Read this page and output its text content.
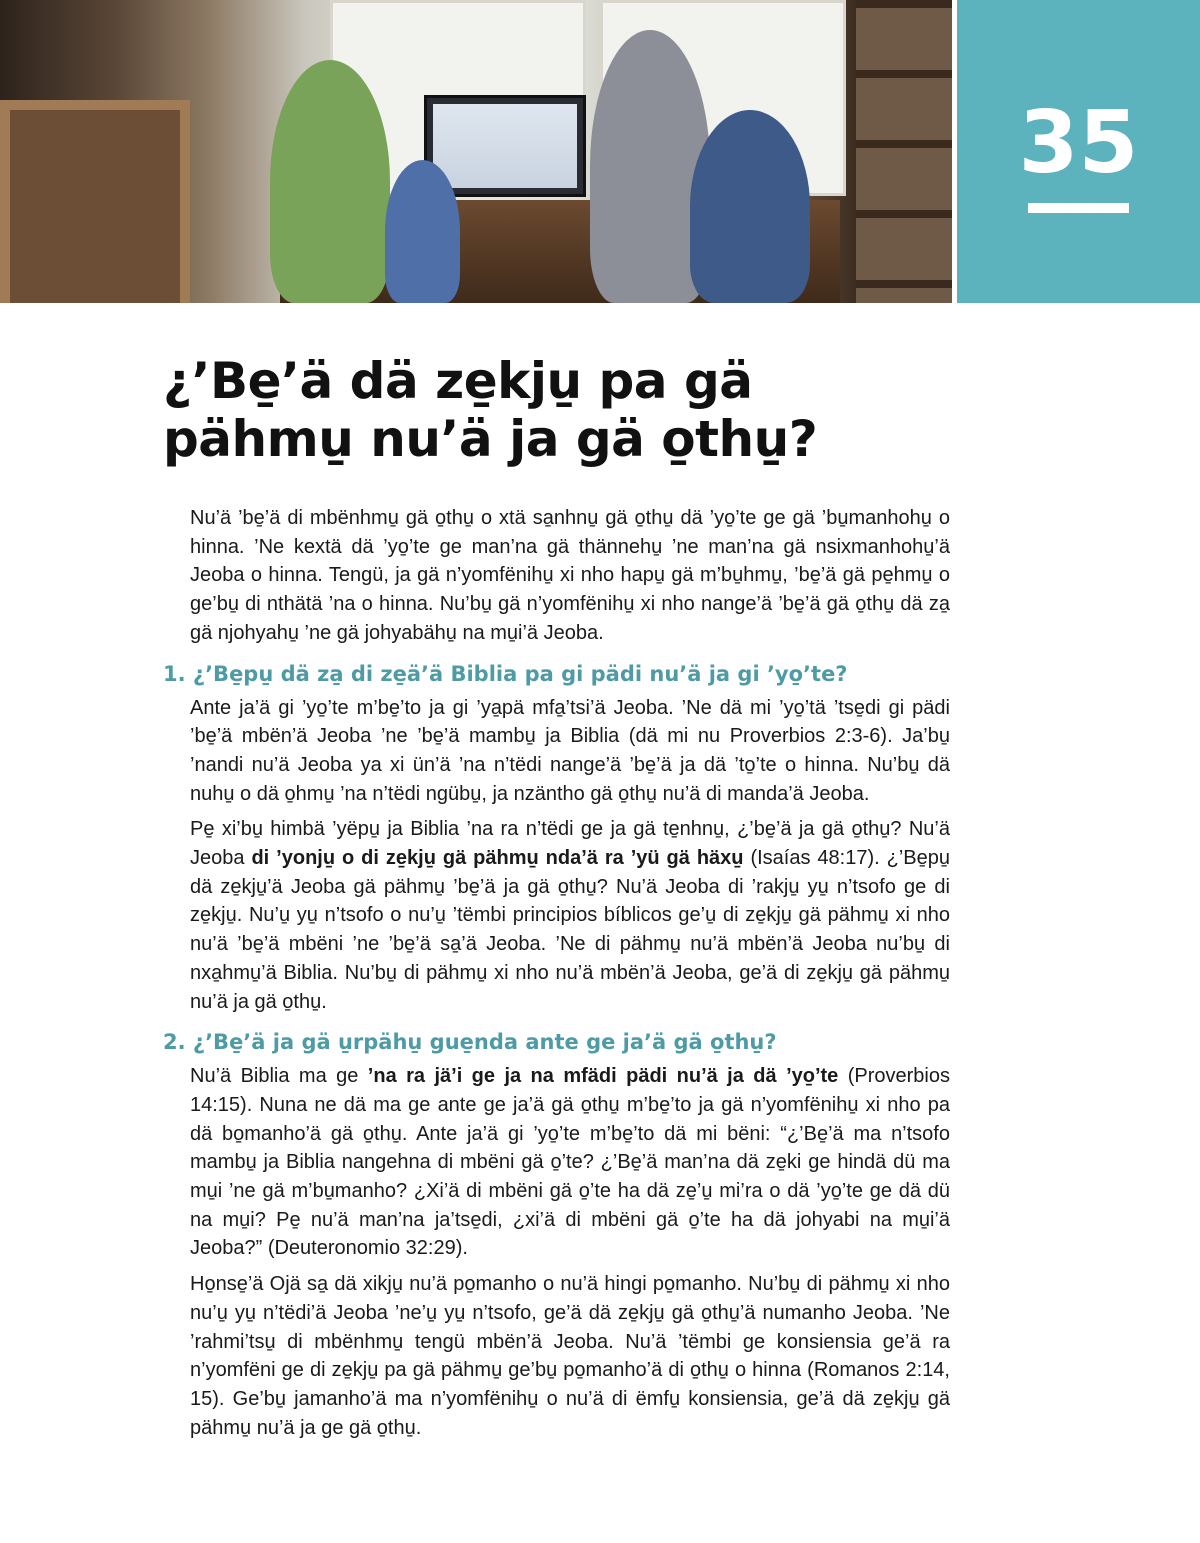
35
¿’Be̱’ä dä ze̱kju̱ pa gä pähmu̱ nu’ä ja gä o̱thu̱?

Nu’ä ’be̱’ä di mbënhmu̱ gä o̱thu̱ o xtä sa̱nhnu̱ gä o̱thu̱ dä ’yo̱’te ge gä ’bu̱manhohu̱ o hinna. ’Ne kextä dä ’yo̱’te ge man’na gä thännehu̱ ’ne man’na gä nsixmanhohu̱’ä Jeoba o hinna. Tengü, ja gä n’yomfënihu̱ xi nho hapu̱ gä m’bu̱hmu̱, ’be̱’ä gä pe̱hmu̱ o ge’bu̱ di nthätä ’na o hinna. Nu’bu̱ gä n’yomfënihu̱ xi nho nange’ä ’be̱’ä gä o̱thu̱ dä za̱ gä njohyahu̱ ’ne gä johyabähu̱ na mu̱i’ä Jeoba.

1. ¿’Be̱pu̱ dä za̱ di ze̱ä’ä Biblia pa gi pädi nu’ä ja gi ’yo̱’te?

Ante ja’ä gi ’yo̱’te m’be̱’to ja gi ’ya̱pä mfa̱’tsi’ä Jeoba. ’Ne dä mi ’yo̱’tä ’tse̱di gi pädi ’be̱’ä mbën’ä Jeoba ’ne ’be̱’ä mambu̱ ja Biblia (dä mi nu Proverbios 2:3-6). Ja’bu̱ ’nandi nu’ä Jeoba ya xi ün’ä ’na n’tëdi nange’ä ’be̱’ä ja dä ’to̱’te o hinna. Nu’bu̱ dä nuhu̱ o dä o̱hmu̱ ’na n’tëdi ngübu̱, ja nzäntho gä o̱thu̱ nu’ä di manda’ä Jeoba.

Pe̱ xi’bu̱ himbä ’yëpu̱ ja Biblia ’na ra n’tëdi ge ja gä te̱nhnu̱, ¿’be̱’ä ja gä o̱thu̱? Nu’ä Jeoba di ’yonju̱ o di ze̱kju̱ gä pähmu̱ nda’ä ra ’yü gä häxu̱ (Isaías 48:17). ¿’Be̱pu̱ dä ze̱kju̱’ä Jeoba gä pähmu̱ ’be̱’ä ja gä o̱thu̱? Nu’ä Jeoba di ’rakju̱ yu̱ n’tsofo ge di ze̱kju̱. Nu’u̱ yu̱ n’tsofo o nu’u̱ ’tëmbi principios bíblicos ge’u̱ di ze̱kju̱ gä pähmu̱ xi nho nu’ä ’be̱’ä mbëni ’ne ’be̱’ä sa̱’ä Jeoba. ’Ne di pähmu̱ nu’ä mbën’ä Jeoba nu’bu̱ di nxa̱hmu̱’ä Biblia. Nu’bu̱ di pähmu̱ xi nho nu’ä mbën’ä Jeoba, ge’ä di ze̱kju̱ gä pähmu̱ nu’ä ja gä o̱thu̱.

2. ¿’Be̱’ä ja gä u̱rpähu̱ gue̱nda ante ge ja’ä gä o̱thu̱?

Nu’ä Biblia ma ge ’na ra jä’i ge ja na mfädi pädi nu’ä ja dä ’yo̱’te (Proverbios 14:15). Nuna ne dä ma ge ante ge ja’ä gä o̱thu̱ m’be̱’to ja gä n’yomfënihu̱ xi nho pa dä bo̱manho’ä gä o̱thu̱. Ante ja’ä gi ’yo̱’te m’be̱’to dä mi bëni: “¿’Be̱’ä ma n’tsofo mambu̱ ja Biblia nangehna di mbëni gä o̱’te? ¿’Be̱’ä man’na dä ze̱ki ge hindä dü ma mu̱i ’ne gä m’bu̱manho? ¿Xi’ä di mbëni gä o̱’te ha dä ze̱’u̱ mi’ra o dä ’yo̱’te ge dä dü na mu̱i? Pe̱ nu’ä man’na ja’tse̱di, ¿xi’ä di mbëni gä o̱’te ha dä johyabi na mu̱i’ä Jeoba?” (Deuteronomio 32:29).

Ho̱nse̱’ä Ojä sa̱ dä xikju̱ nu’ä po̱manho o nu’ä hingi po̱manho. Nu’bu̱ di pähmu̱ xi nho nu’u̱ yu̱ n’tëdi’ä Jeoba ’ne’u̱ yu̱ n’tsofo, ge’ä dä ze̱kju̱ gä o̱thu̱’ä numanho Jeoba. ’Ne ’rahmi’tsu̱ di mbënhmu̱ tengü mbën’ä Jeoba. Nu’ä ’tëmbi ge konsiensia ge’ä ra n’yomfëni ge di ze̱kju̱ pa gä pähmu̱ ge’bu̱ po̱manho’ä di o̱thu̱ o hinna (Romanos 2:14, 15). Ge’bu̱ jamanho’ä ma n’yomfënihu̱ o nu’ä di ëmfu̱ konsiensia, ge’ä dä ze̱kju̱ gä pähmu̱ nu’ä ja ge gä o̱thu̱.
